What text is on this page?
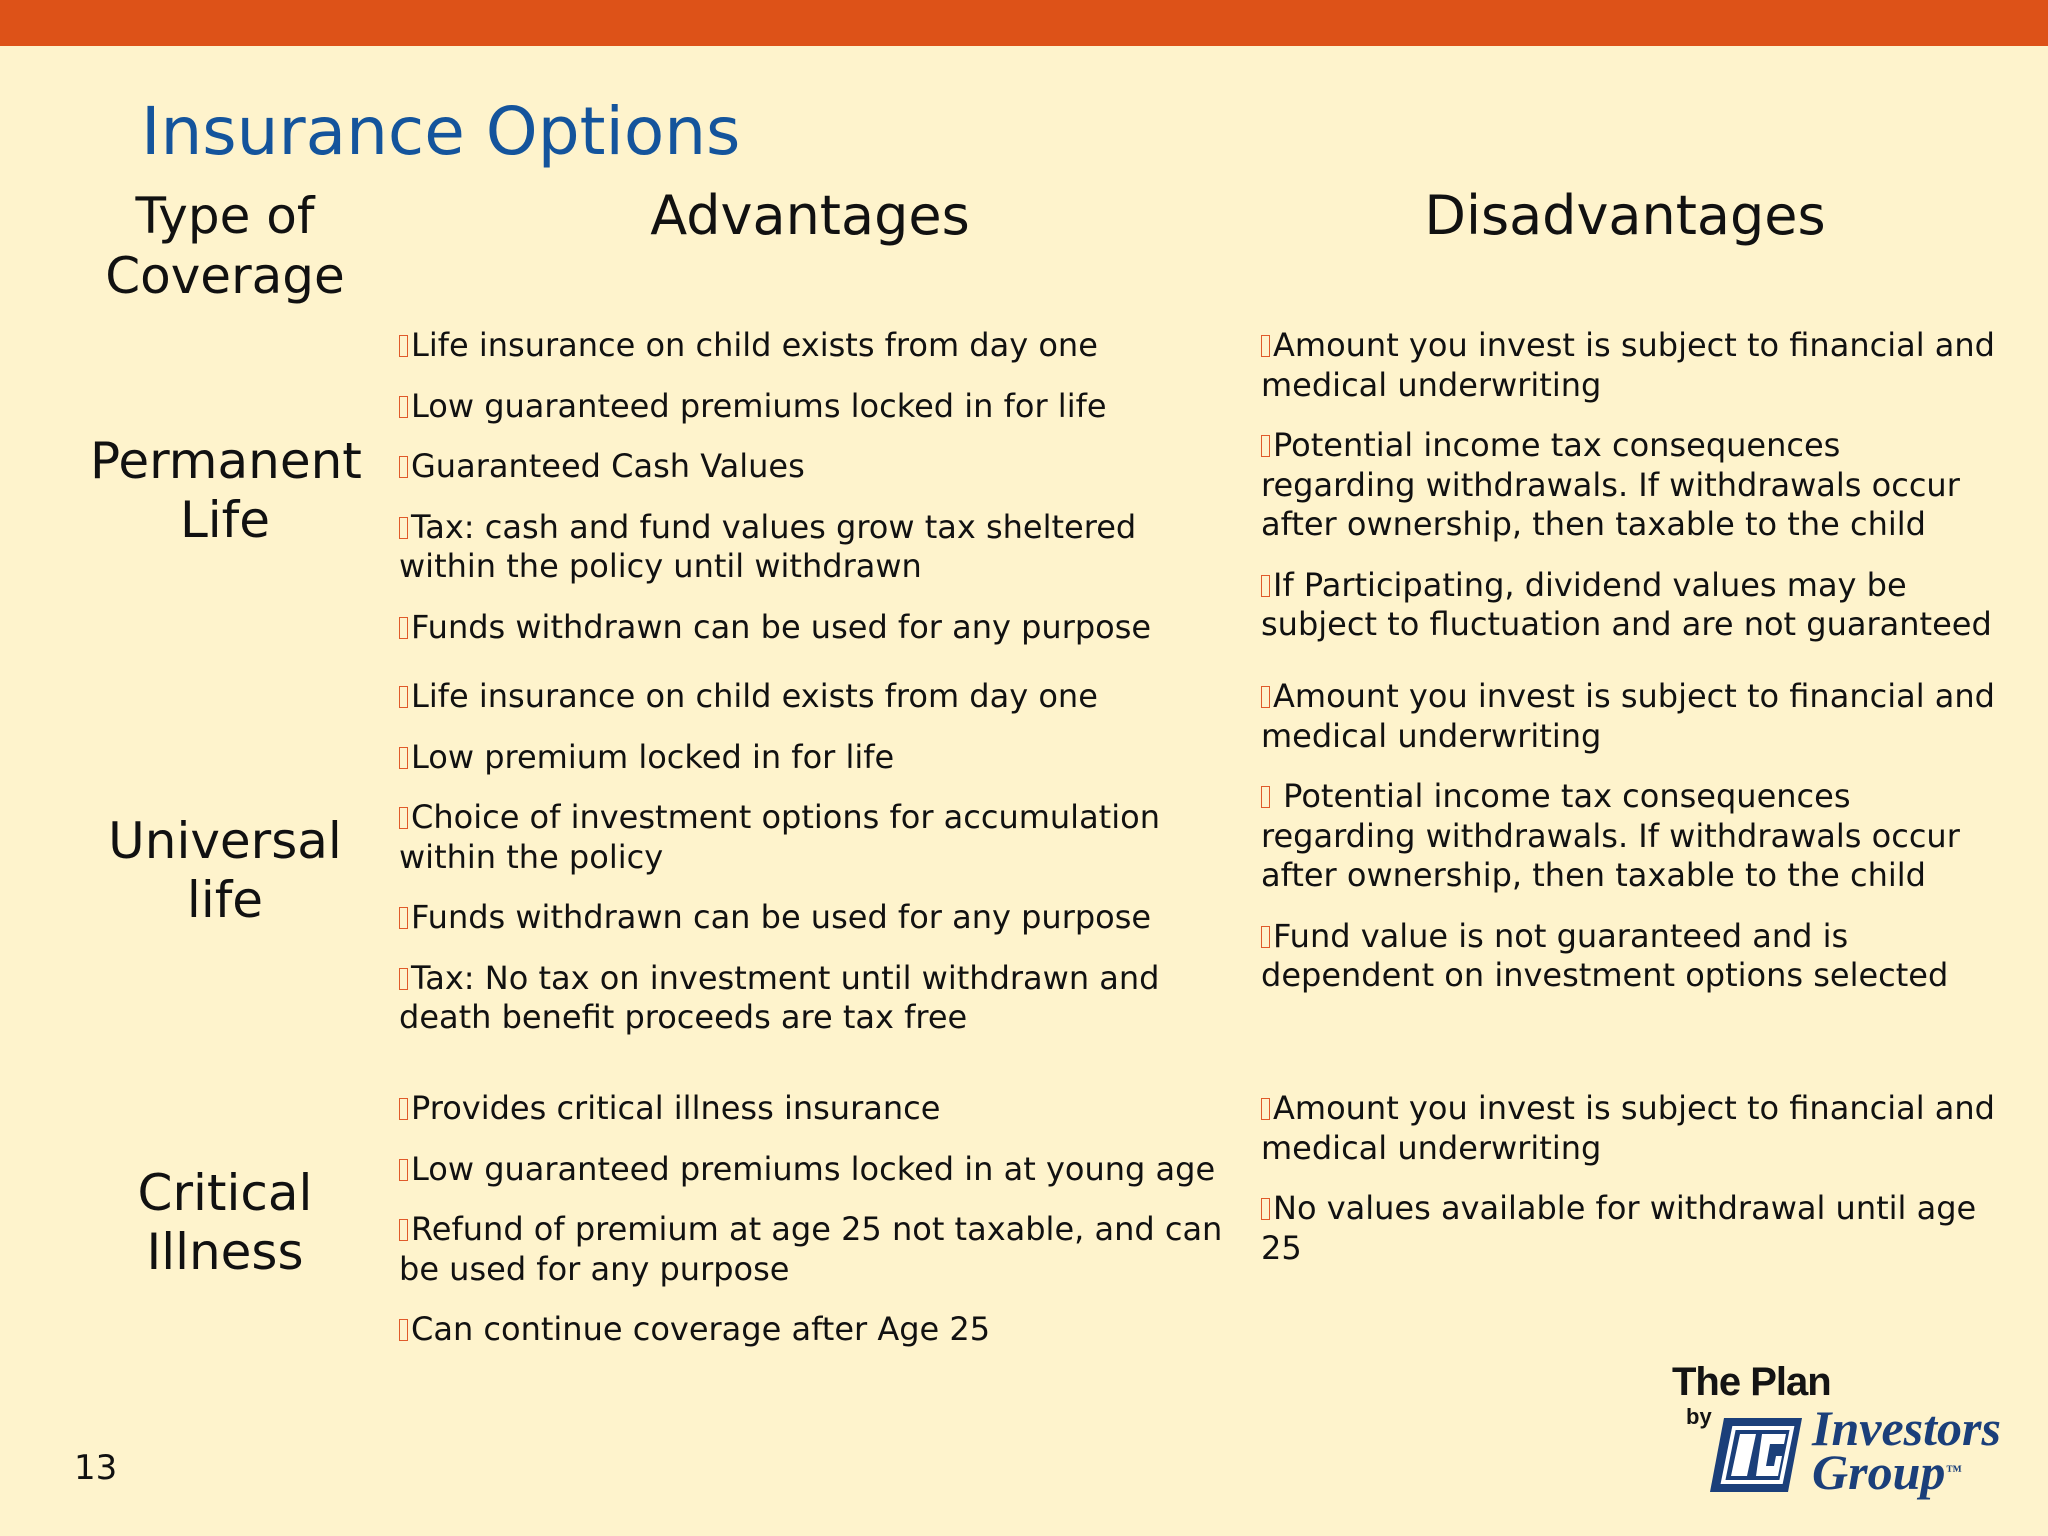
Insurance Options
Type of
Coverage
Advantages	Disadvantages
Permanent
Life
Life insurance on child exists from day one
Low guaranteed premiums locked in for life
Guaranteed Cash Values
Tax: cash and fund values grow tax sheltered within the policy until withdrawn
Funds withdrawn can be used for any purpose
Amount you invest is subject to financial and medical underwriting
Potential income tax consequences regarding withdrawals. If withdrawals occur after ownership, then taxable to the child
If Participating, dividend values may be subject to fluctuation and are not guaranteed
Universal
life
Life insurance on child exists from day one
Low premium locked in for life
Choice of investment options for accumulation within the policy
Funds withdrawn can be used for any purpose
Tax: No tax on investment until withdrawn and death benefit proceeds are tax free
Amount you invest is subject to financial and medical underwriting
Potential income tax consequences regarding withdrawals. If withdrawals occur after ownership, then taxable to the child
Fund value is not guaranteed and is dependent on investment options selected
Critical
Illness
Provides critical illness insurance
Low guaranteed premiums locked in at young age
Refund of premium at age 25 not taxable, and can be used for any purpose
Can continue coverage after Age 25
Amount you invest is subject to financial and medical underwriting
No values available for withdrawal until age 25
13
The Plan
by Investors
Group™
